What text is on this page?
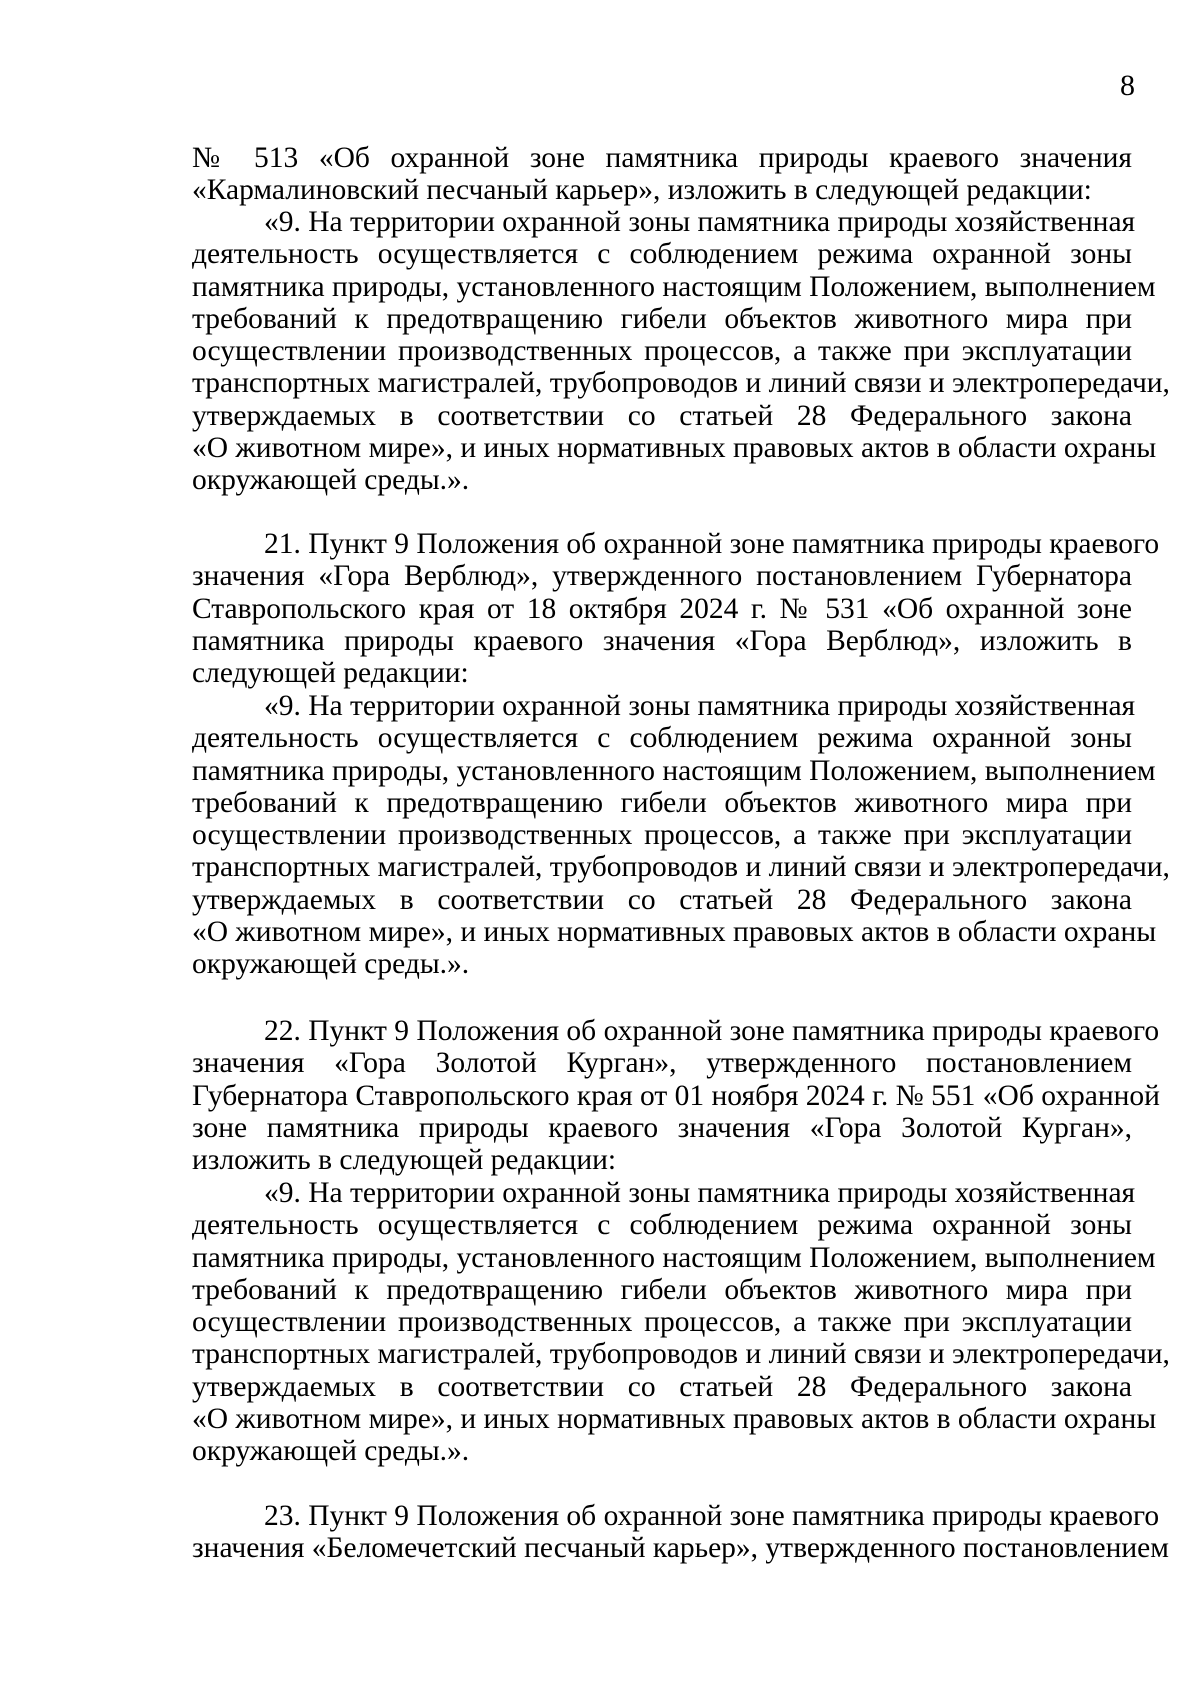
8
№ 513 «Об охранной зоне памятника природы краевого значения
«Кармалиновский песчаный карьер», изложить в следующей редакции:
«9. На территории охранной зоны памятника природы хозяйственная
деятельность осуществляется с соблюдением режима охранной зоны
памятника природы, установленного настоящим Положением, выполнением
требований к предотвращению гибели объектов животного мира при
осуществлении производственных процессов, а также при эксплуатации
транспортных магистралей, трубопроводов и линий связи и электропередачи,
утверждаемых в соответствии со статьей 28 Федерального закона
«О животном мире», и иных нормативных правовых актов в области охраны
окружающей среды.».
21. Пункт 9 Положения об охранной зоне памятника природы краевого
значения «Гора Верблюд», утвержденного постановлением Губернатора
Ставропольского края от 18 октября 2024 г. № 531 «Об охранной зоне
памятника природы краевого значения «Гора Верблюд», изложить в
следующей редакции:
«9. На территории охранной зоны памятника природы хозяйственная
деятельность осуществляется с соблюдением режима охранной зоны
памятника природы, установленного настоящим Положением, выполнением
требований к предотвращению гибели объектов животного мира при
осуществлении производственных процессов, а также при эксплуатации
транспортных магистралей, трубопроводов и линий связи и электропередачи,
утверждаемых в соответствии со статьей 28 Федерального закона
«О животном мире», и иных нормативных правовых актов в области охраны
окружающей среды.».
22. Пункт 9 Положения об охранной зоне памятника природы краевого
значения «Гора Золотой Курган», утвержденного постановлением
Губернатора Ставропольского края от 01 ноября 2024 г. № 551 «Об охранной
зоне памятника природы краевого значения «Гора Золотой Курган»,
изложить в следующей редакции:
«9. На территории охранной зоны памятника природы хозяйственная
деятельность осуществляется с соблюдением режима охранной зоны
памятника природы, установленного настоящим Положением, выполнением
требований к предотвращению гибели объектов животного мира при
осуществлении производственных процессов, а также при эксплуатации
транспортных магистралей, трубопроводов и линий связи и электропередачи,
утверждаемых в соответствии со статьей 28 Федерального закона
«О животном мире», и иных нормативных правовых актов в области охраны
окружающей среды.».
23. Пункт 9 Положения об охранной зоне памятника природы краевого
значения «Беломечетский песчаный карьер», утвержденного постановлением
